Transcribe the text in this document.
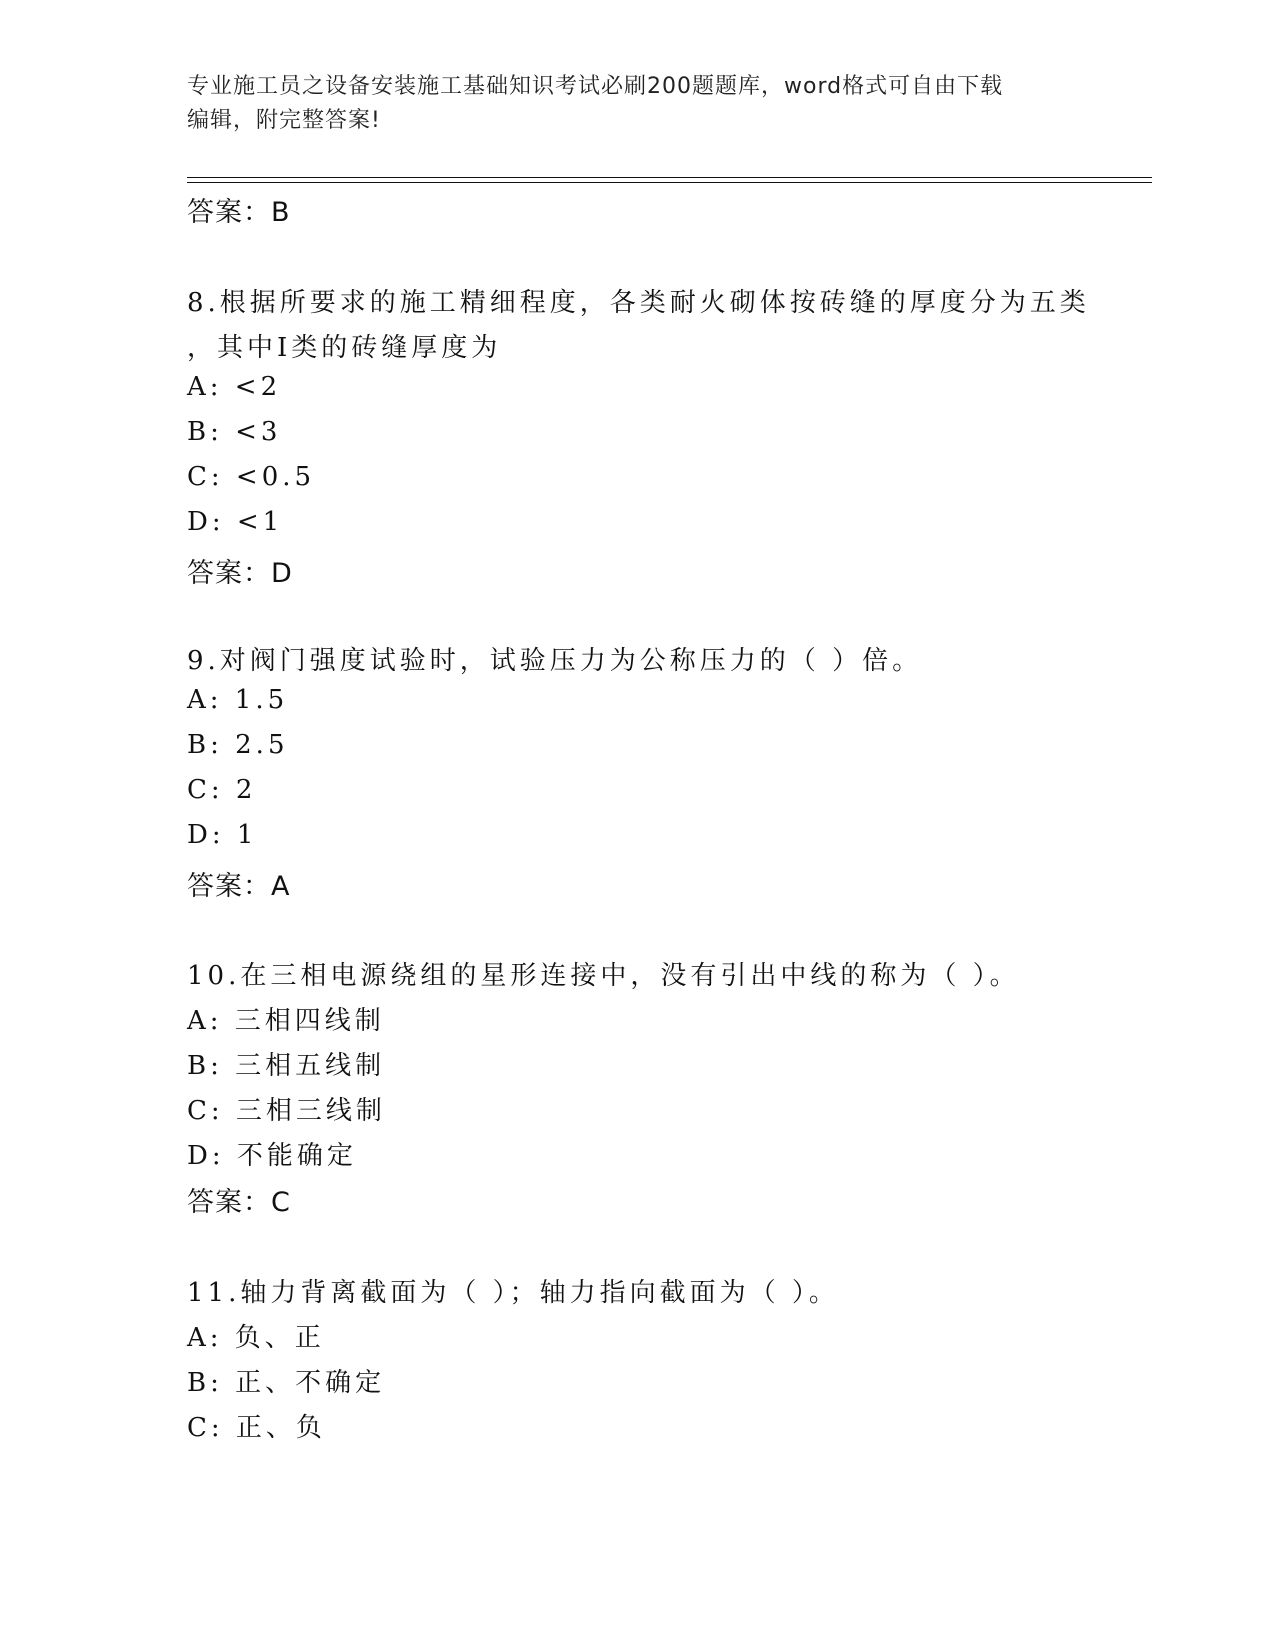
专业施工员之设备安装施工基础知识考试必刷200题题库，word格式可自由下载
编辑，附完整答案!
答案：B
8.根据所要求的施工精细程度，各类耐火砌体按砖缝的厚度分为五类
，其中Ⅰ类的砖缝厚度为
A: <2
B: <3
C: <0.5
D: <1
答案：D
9.对阀门强度试验时，试验压力为公称压力的（ ）倍。
A: 1.5
B: 2.5
C: 2
D: 1
答案：A
10.在三相电源绕组的星形连接中，没有引出中线的称为（ ）。
A: 三相四线制
B: 三相五线制
C: 三相三线制
D: 不能确定
答案：C
11.轴力背离截面为（ ）；轴力指向截面为（ ）。
A: 负、正
B: 正、不确定
C: 正、负
